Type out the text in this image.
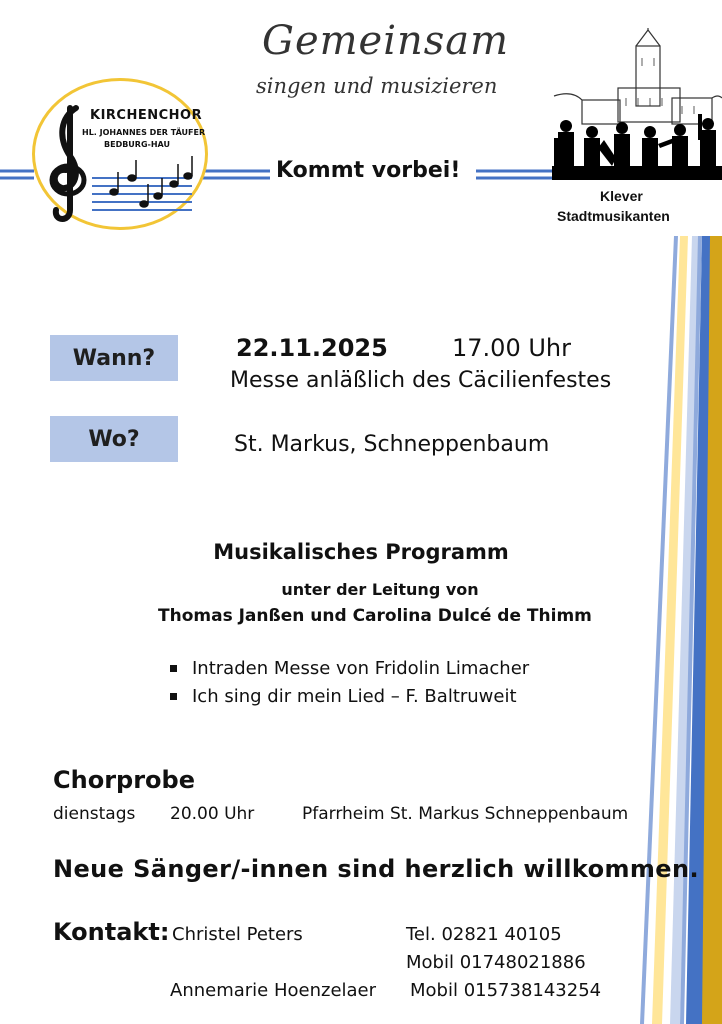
Gemeinsam
singen und musizieren
KIRCHENCHOR
HL. JOHANNES DER TÄUFER
BEDBURG-HAU
Kommt vorbei!
Klever
Stadtmusikanten
Wann?	22.11.2025	17.00 Uhr
Messe anläßlich des Cäcilienfestes
Wo?	St. Markus, Schneppenbaum
Musikalisches Programm
unter der Leitung von
Thomas Janßen und Carolina Dulcé de Thimm
Intraden Messe von Fridolin Limacher
Ich sing dir mein Lied – F. Baltruweit
Chorprobe
dienstags 20.00 Uhr	Pfarrheim St. Markus Schneppenbaum
Neue Sänger/-innen sind herzlich willkommen.
Kontakt: Christel Peters	Tel. 02821 40105
Mobil 01748021886
Annemarie Hoenzelaer Mobil 015738143254
